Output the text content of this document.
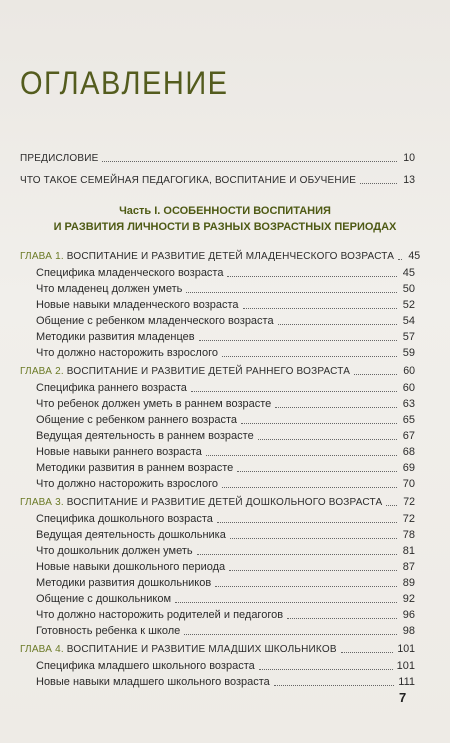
ОГЛАВЛЕНИЕ
ПРЕДИСЛОВИЕ	10
ЧТО ТАКОЕ СЕМЕЙНАЯ ПЕДАГОГИКА, ВОСПИТАНИЕ И ОБУЧЕНИЕ	13
Часть I. ОСОБЕННОСТИ ВОСПИТАНИЯ
И РАЗВИТИЯ ЛИЧНОСТИ В РАЗНЫХ ВОЗРАСТНЫХ ПЕРИОДАХ
ГЛАВА 1. ВОСПИТАНИЕ И РАЗВИТИЕ ДЕТЕЙ МЛАДЕНЧЕСКОГО ВОЗРАСТА 45
Специфика младенческого возраста	45
Что младенец должен уметь	50
Новые навыки младенческого возраста	52
Общение с ребенком младенческого возраста	54
Методики развития младенцев	57
Что должно насторожить взрослого	59
ГЛАВА 2. ВОСПИТАНИЕ И РАЗВИТИЕ ДЕТЕЙ РАННЕГО ВОЗРАСТА	60
Специфика раннего возраста	60
Что ребенок должен уметь в раннем возрасте	63
Общение с ребенком раннего возраста	65
Ведущая деятельность в раннем возрасте	67
Новые навыки раннего возраста	68
Методики развития в раннем возрасте	69
Что должно насторожить взрослого	70
ГЛАВА 3. ВОСПИТАНИЕ И РАЗВИТИЕ ДЕТЕЙ ДОШКОЛЬНОГО ВОЗРАСТА 72
Специфика дошкольного возраста	72
Ведущая деятельность дошкольника	78
Что дошкольник должен уметь	81
Новые навыки дошкольного периода	87
Методики развития дошкольников	89
Общение с дошкольником	92
Что должно насторожить родителей и педагогов	96
Готовность ребенка к школе	98
ГЛАВА 4. ВОСПИТАНИЕ И РАЗВИТИЕ МЛАДШИХ ШКОЛЬНИКОВ	101
Специфика младшего школьного возраста	101
Новые навыки младшего школьного возраста	111
7
